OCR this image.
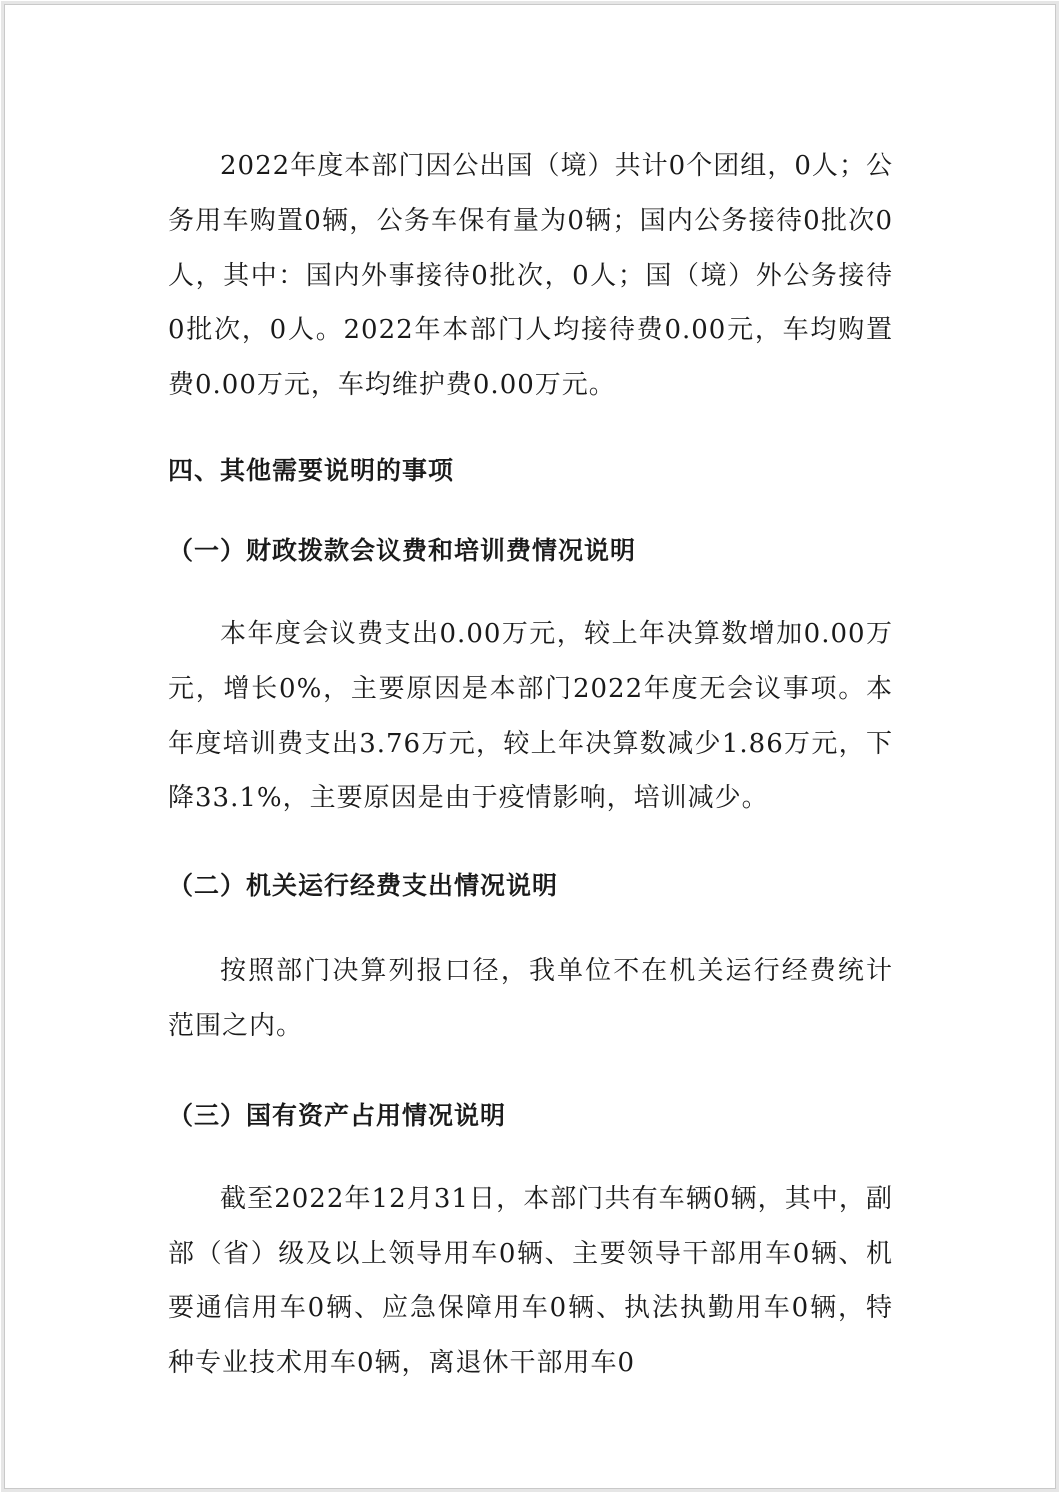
2022年度本部门因公出国（境）共计0个团组，0人；公务用车购置0辆，公务车保有量为0辆；国内公务接待0批次0人，其中：国内外事接待0批次，0人；国（境）外公务接待0批次，0人。2022年本部门人均接待费0.00元，车均购置费0.00万元，车均维护费0.00万元。

四、其他需要说明的事项
（一）财政拨款会议费和培训费情况说明

本年度会议费支出0.00万元，较上年决算数增加0.00万元，增长0%，主要原因是本部门2022年度无会议事项。本年度培训费支出3.76万元，较上年决算数减少1.86万元，下降33.1%，主要原因是由于疫情影响，培训减少。

（二）机关运行经费支出情况说明

按照部门决算列报口径，我单位不在机关运行经费统计范围之内。

（三）国有资产占用情况说明

截至2022年12月31日，本部门共有车辆0辆，其中，副部（省）级及以上领导用车0辆、主要领导干部用车0辆、机要通信用车0辆、应急保障用车0辆、执法执勤用车0辆，特种专业技术用车0辆，离退休干部用车0
